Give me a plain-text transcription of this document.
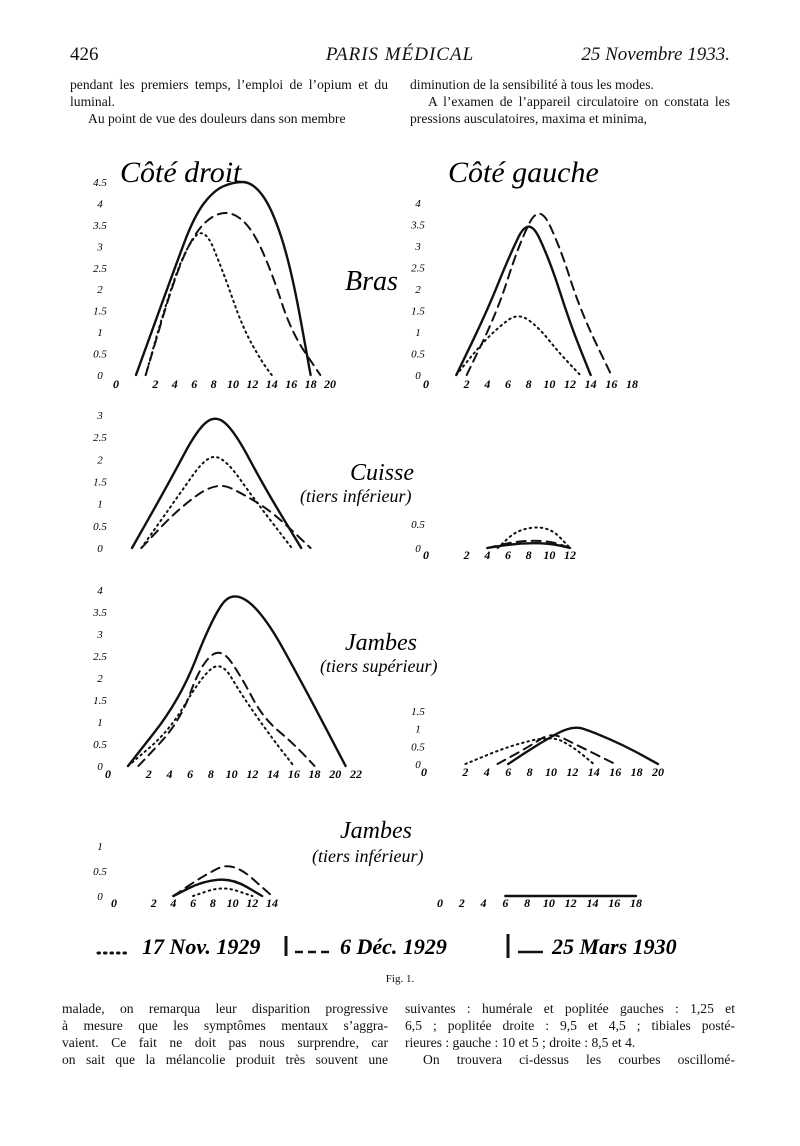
426	PARIS MÉDICAL	25 Novembre 1933.

pendant les premiers temps, l’emploi de l’opium et du luminal.

Au point de vue des douleurs dans son membre

diminution de la sensibilité à tous les modes.

A l’examen de l’appareil circulatoire on constata les pressions ausculatoires, maxima et minima,

4.5
4
3.5
3
2.5
2
1.5
1
0.5
0
0	2 4 6 8 10 12 14 16 18 20
4
3.5
3
2.5
2
1.5
1
0.5
0
0	2 4 6 8 10 12 14 16 18
3
2.5
2
1.5
1
0.5
0
0.5
0 0	2 4 6 8 10 12
4
3.5
3
2.5
2
1.5
1
0.5
0 0	2 4 6 8 10 12 14 16 18 20 22
1.5
1
0.5
0 0	2 4 6 8 10 12 14 16 18 20
1
0.5
0 0	2 4 6 8 10 12 14	0 2 4 6 8 10 12 14 16 18
Côté droit	Côté gauche
Bras
Cuisse
(tiers inférieur)
Jambes
(tiers supérieur)
Jambes
(tiers inférieur)
17 Nov. 1929	6 Déc. 1929	25 Mars 1930
Fig. 1.

malade, on remarqua leur disparition progressive

à mesure que les symptômes mentaux s’aggra-

vaient. Ce fait ne doit pas nous surprendre, car

on sait que la mélancolie produit très souvent une

suivantes : humérale et poplitée gauches : 1,25 et

6,5 ; poplitée droite : 9,5 et 4,5 ; tibiales posté-

rieures : gauche : 10 et 5 ; droite : 8,5 et 4.

On trouvera ci-dessus les courbes oscillomé-
